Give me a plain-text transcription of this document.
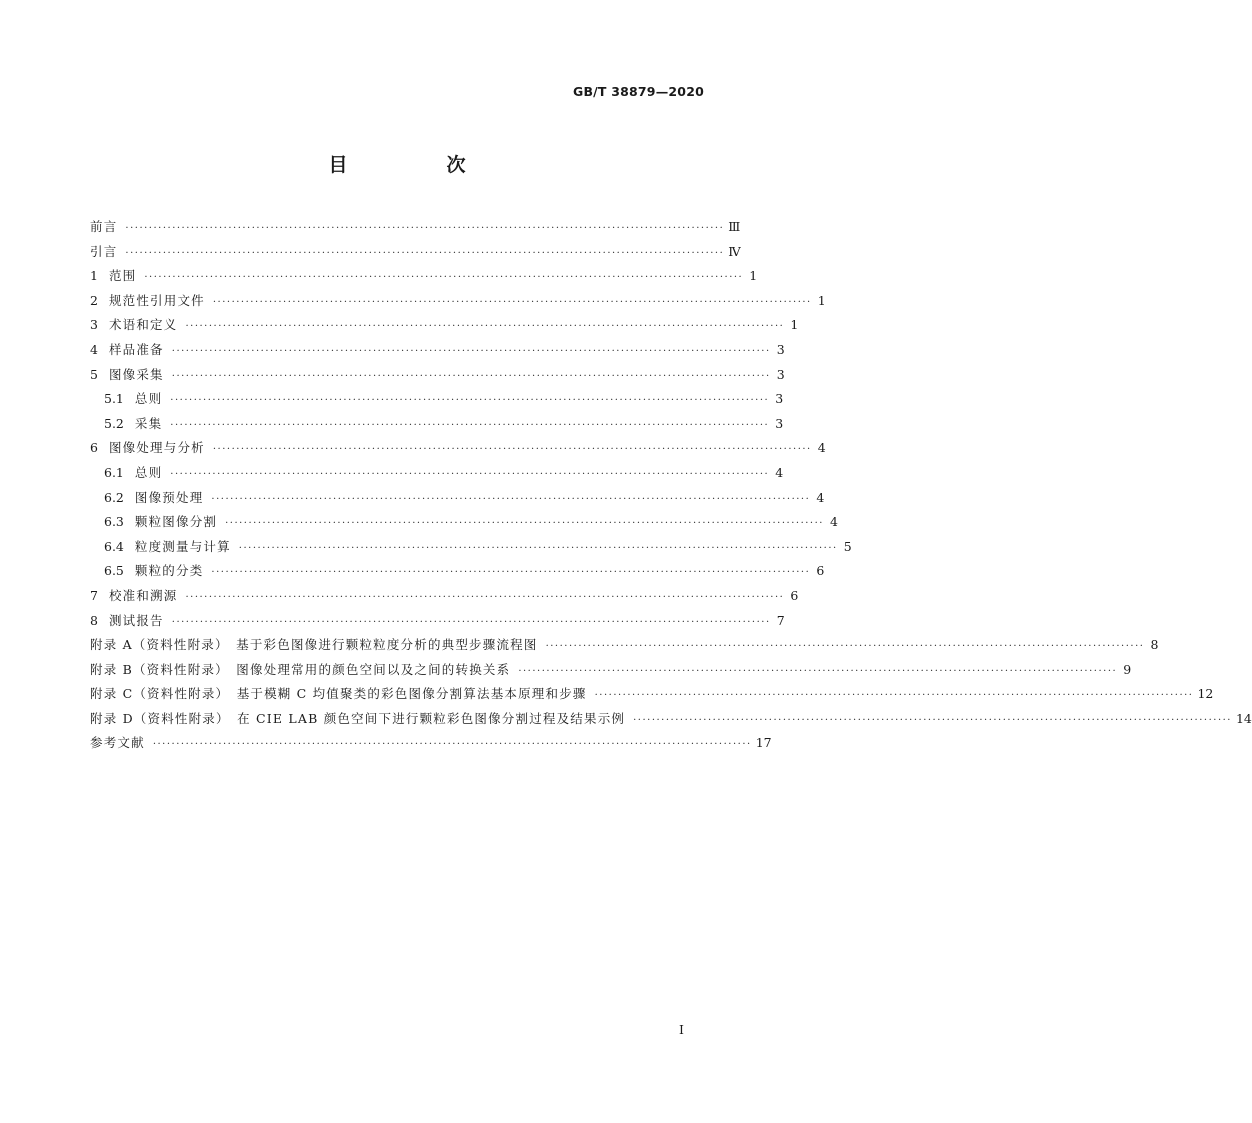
GB/T 38879—2020
目　次
前言 ································································································································ Ⅲ
引言 ································································································································ Ⅳ
1 范围 ································································································································ 1
2 规范性引用文件 ································································································································ 1
3 术语和定义 ································································································································ 1
4 样品准备 ································································································································ 3
5 图像采集 ································································································································ 3
5.1 总则 ································································································································ 3
5.2 采集 ································································································································ 3
6 图像处理与分析 ································································································································ 4
6.1 总则 ································································································································ 4
6.2 图像预处理 ································································································································ 4
6.3 颗粒图像分割 ································································································································ 4
6.4 粒度测量与计算 ································································································································ 5
6.5 颗粒的分类 ································································································································ 6
7 校准和溯源 ································································································································ 6
8 测试报告 ································································································································ 7
附录 A（资料性附录）　基于彩色图像进行颗粒粒度分析的典型步骤流程图 ································································································································ 8
附录 B（资料性附录）　图像处理常用的颜色空间以及之间的转换关系 ································································································································ 9
附录 C（资料性附录）　基于模糊 C 均值聚类的彩色图像分割算法基本原理和步骤 ································································································································ 12
附录 D（资料性附录）　在 CIE LAB 颜色空间下进行颗粒彩色图像分割过程及结果示例 ································································································································ 14
参考文献 ································································································································ 17
I
